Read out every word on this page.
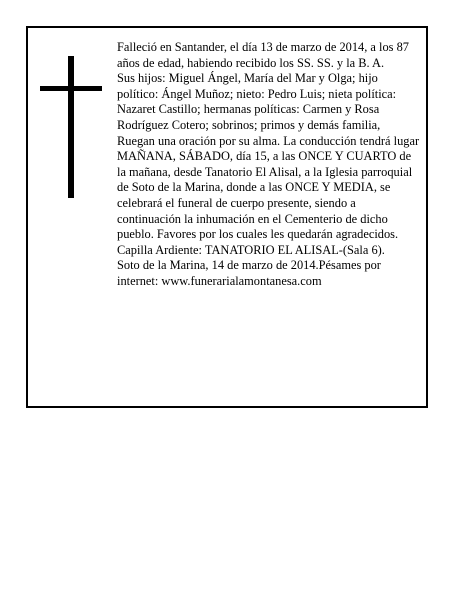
Falleció en Santander, el día 13 de marzo de 2014, a los 87 años de edad, habiendo recibido los SS. SS. y la B. A.

Sus hijos: Miguel Ángel, María del Mar y Olga; hijo político: Ángel Muñoz; nieto: Pedro Luis; nieta política: Nazaret Castillo; hermanas políticas: Carmen y Rosa Rodríguez Cotero; sobrinos; primos y demás familia,

Ruegan una oración por su alma. La conducción tendrá lugar MAÑANA, SÁBADO, día 15, a las ONCE Y CUARTO de la mañana, desde Tanatorio El Alisal, a la Iglesia parroquial de Soto de la Marina, donde a las ONCE Y MEDIA, se celebrará el funeral de cuerpo presente, siendo a continuación la inhumación en el Cementerio de dicho pueblo. Favores por los cuales les quedarán agradecidos. Capilla Ardiente: TANATORIO EL ALISAL-(Sala 6).

Soto de la Marina, 14 de marzo de 2014.Pésames por internet: www.funerarialamontanesa.com
